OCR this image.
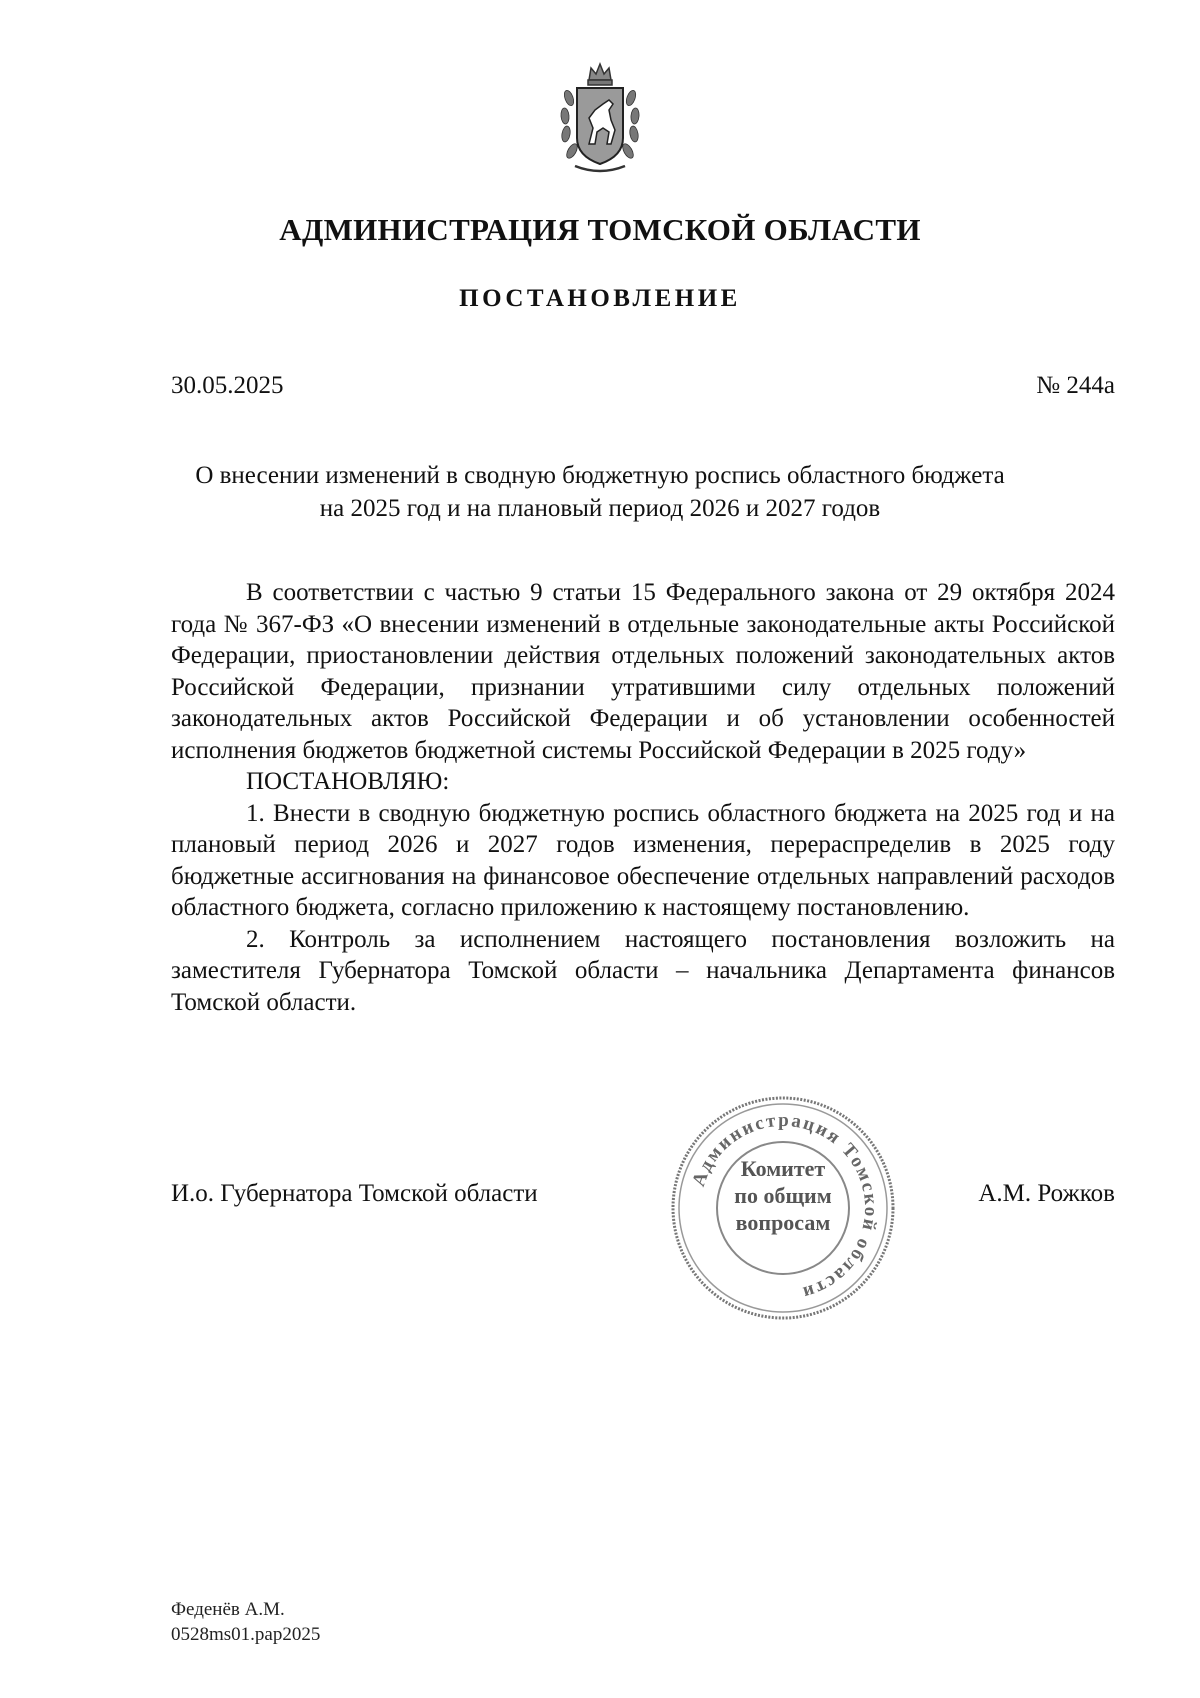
АДМИНИСТРАЦИЯ ТОМСКОЙ ОБЛАСТИ
ПОСТАНОВЛЕНИЕ
30.05.2025	№ 244а
О внесении изменений в сводную бюджетную роспись областного бюджета
на 2025 год и на плановый период 2026 и 2027 годов

В соответствии с частью 9 статьи 15 Федерального закона от 29 октября 2024 года № 367-ФЗ «О внесении изменений в отдельные законодательные акты Российской Федерации, приостановлении действия отдельных положений законодательных актов Российской Федерации, признании утратившими силу отдельных положений законодательных актов Российской Федерации и об установлении особенностей исполнения бюджетов бюджетной системы Российской Федерации в 2025 году»

ПОСТАНОВЛЯЮ:

1. Внести в сводную бюджетную роспись областного бюджета на 2025 год и на плановый период 2026 и 2027 годов изменения, перераспределив в 2025 году бюджетные ассигнования на финансовое обеспечение отдельных направлений расходов областного бюджета, согласно приложению к настоящему постановлению.

2. Контроль за исполнением настоящего постановления возложить на заместителя Губернатора Томской области – начальника Департамента финансов Томской области.

И.о. Губернатора Томской области	А.М. Рожков
Администрация Томской области
Комитет
по общим
вопросам
Феденёв А.М.
0528ms01.pap2025
